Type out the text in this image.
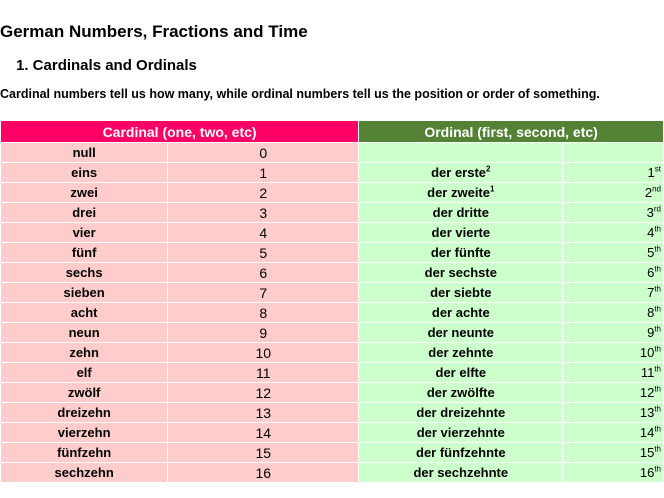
German Numbers, Fractions and Time
1. Cardinals and Ordinals
Cardinal numbers tell us how many, while ordinal numbers tell us the position or order of something.
Cardinal (one, two, etc)		Ordinal (first, second, etc)	
null	0		
eins	1	der erste$^2$	1st
zwei	2	der zweite$^1$	2nd
drei	3	der dritte	3rd
vier	4	der vierte	4th
fünf	5	der fünfte	5th
sechs	6	der sechste	6th
sieben	7	der siebte	7th
acht	8	der achte	8th
neun	9	der neunte	9th
zehn	10	der zehnte	10th
elf	11	der elfte	11th
zwölf	12	der zwölfte	12th
dreizehn	13	der dreizehnte	13th
vierzehn	14	der vierzehnte	14th
fünfzehn	15	der fünfzehnte	15th
sechzehn	16	der sechzehnte	16th
